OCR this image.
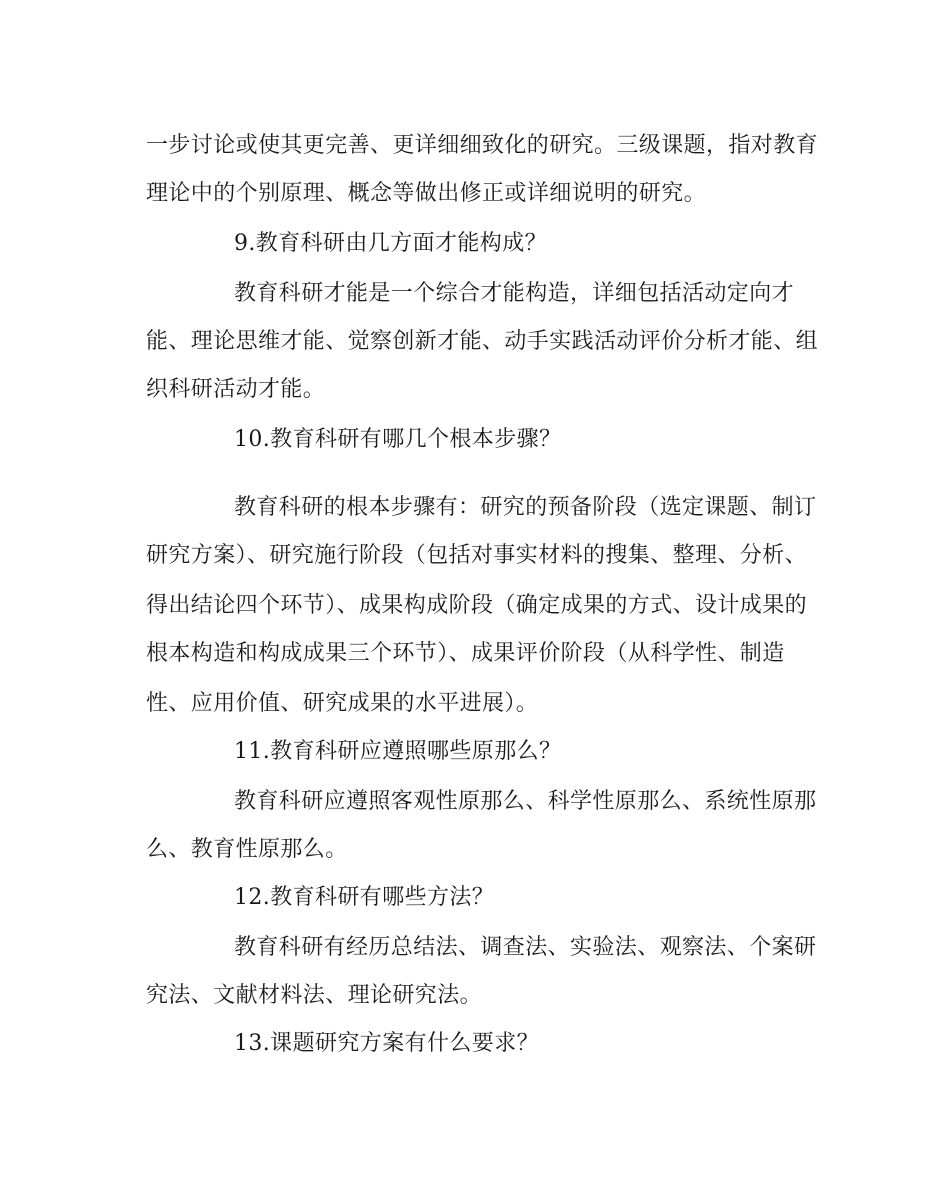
一步讨论或使其更完善、更详细细致化的研究。三级课题，指对教育
理论中的个别原理、概念等做出修正或详细说明的研究。
9.教育科研由几方面才能构成？
教育科研才能是一个综合才能构造，详细包括活动定向才
能、理论思维才能、觉察创新才能、动手实践活动评价分析才能、组
织科研活动才能。
10.教育科研有哪几个根本步骤？
教育科研的根本步骤有：研究的预备阶段（选定课题、制订
研究方案）、研究施行阶段（包括对事实材料的搜集、整理、分析、
得出结论四个环节）、成果构成阶段（确定成果的方式、设计成果的
根本构造和构成成果三个环节）、成果评价阶段（从科学性、制造
性、应用价值、研究成果的水平进展）。
11.教育科研应遵照哪些原那么？
教育科研应遵照客观性原那么、科学性原那么、系统性原那
么、教育性原那么。
12.教育科研有哪些方法？
教育科研有经历总结法、调查法、实验法、观察法、个案研
究法、文献材料法、理论研究法。
13.课题研究方案有什么要求？
